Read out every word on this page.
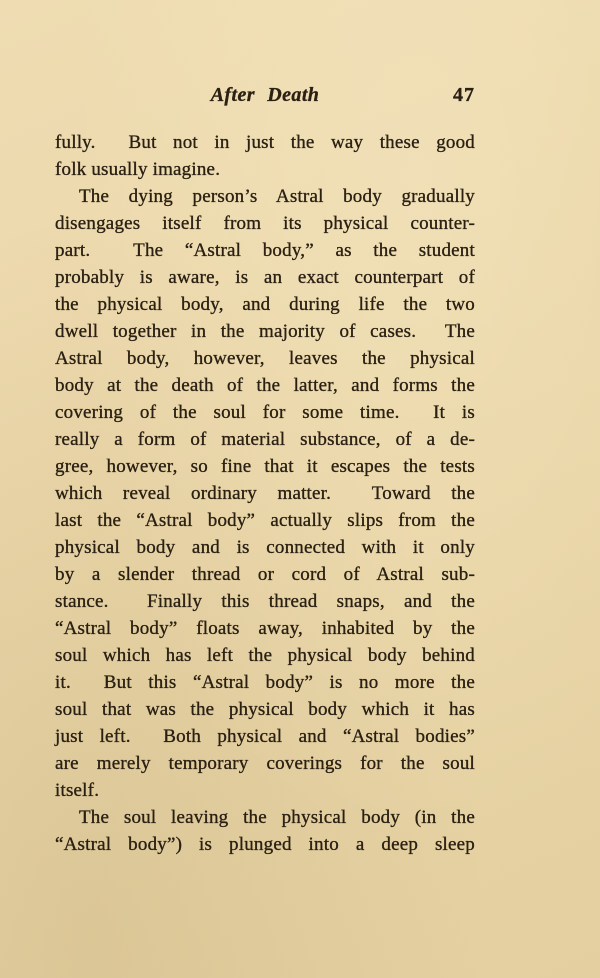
After Death	47
fully.  But not in just the way these good
folk usually imagine.
The dying person’s Astral body gradually
disengages itself from its physical counter-
part.  The “Astral body,” as the student
probably is aware, is an exact counterpart of
the physical body, and during life the two
dwell together in the majority of cases.  The
Astral body, however, leaves the physical
body at the death of the latter, and forms the
covering of the soul for some time.  It is
really a form of material substance, of a de-
gree, however, so fine that it escapes the tests
which reveal ordinary matter.  Toward the
last the “Astral body” actually slips from the
physical body and is connected with it only
by a slender thread or cord of Astral sub-
stance.  Finally this thread snaps, and the
“Astral body” floats away, inhabited by the
soul which has left the physical body behind
it.  But this “Astral body” is no more the
soul that was the physical body which it has
just left.  Both physical and “Astral bodies”
are merely temporary coverings for the soul
itself.
The soul leaving the physical body (in the
“Astral body”) is plunged into a deep sleep
